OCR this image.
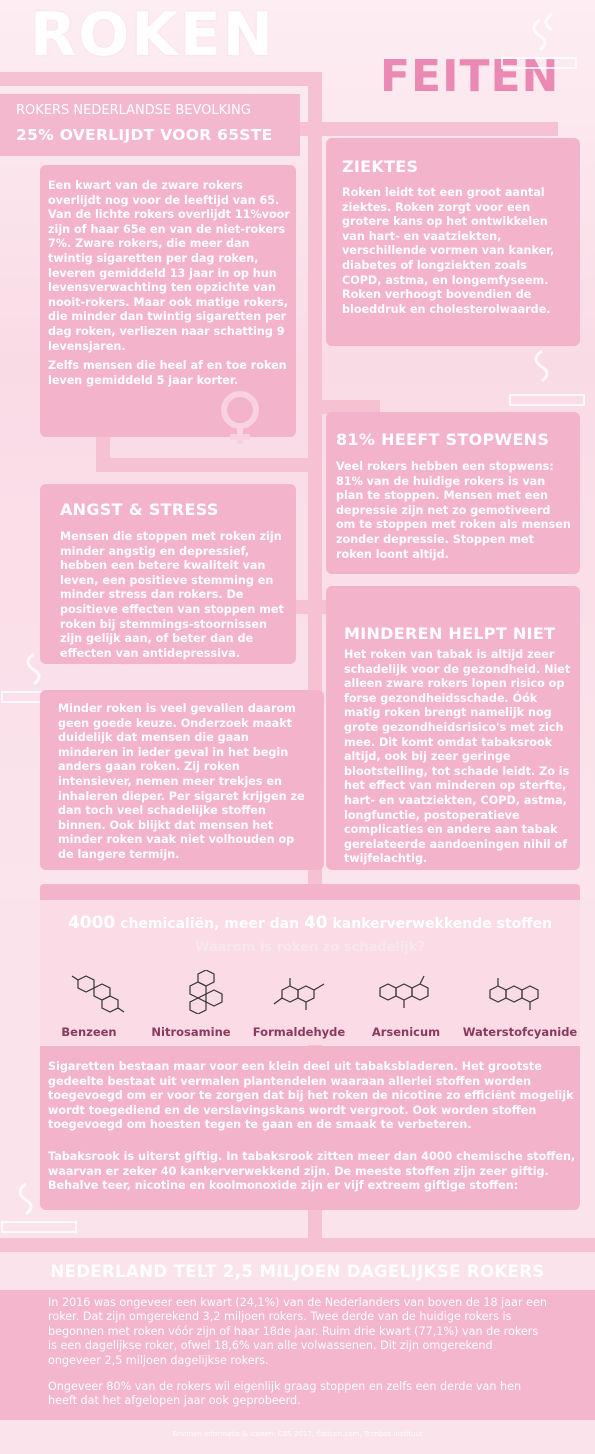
ROKEN
FEITEN
ROKERS NEDERLANDSE BEVOLKING
25% OVERLIJDT VOOR 65STE
Een kwart van de zware rokers overlijdt nog voor de leeftijd van 65. Van de lichte rokers overlijdt 11%voor zijn of haar 65e en van de niet-rokers 7%. Zware rokers, die meer dan twintig sigaretten per dag roken, leveren gemiddeld 13 jaar in op hun levensverwachting ten opzichte van nooit-rokers. Maar ook matige rokers, die minder dan twintig sigaretten per dag roken, verliezen naar schatting 9 levensjaren.
Zelfs mensen die heel af en toe roken leven gemiddeld 5 jaar korter.
ZIEKTES
Roken leidt tot een groot aantal ziektes. Roken zorgt voor een grotere kans op het ontwikkelen van hart- en vaatziekten, verschillende vormen van kanker, diabetes of longziekten zoals COPD, astma, en longemfyseem. Roken verhoogt bovendien de bloeddruk en cholesterolwaarde.
81% HEEFT STOPWENS
Veel rokers hebben een stopwens: 81% van de huidige rokers is van plan te stoppen. Mensen met een depressie zijn net zo gemotiveerd om te stoppen met roken als mensen zonder depressie. Stoppen met roken loont altijd.
ANGST & STRESS
Mensen die stoppen met roken zijn minder angstig en depressief, hebben een betere kwaliteit van leven, een positieve stemming en minder stress dan rokers. De positieve effecten van stoppen met roken bij stemmings-stoornissen zijn gelijk aan, of beter dan de effecten van antidepressiva.
MINDEREN HELPT NIET
Het roken van tabak is altijd zeer schadelijk voor de gezondheid. Niet alleen zware rokers lopen risico op forse gezondheidsschade. Óók matig roken brengt namelijk nog grote gezondheidsrisico's met zich mee. Dit komt omdat tabaksrook altijd, ook bij zeer geringe blootstelling, tot schade leidt. Zo is het effect van minderen op sterfte, hart- en vaatziekten, COPD, astma, longfunctie, postoperatieve complicaties en andere aan tabak gerelateerde aandoeningen nihil of twijfelachtig.
Minder roken is veel gevallen daarom geen goede keuze. Onderzoek maakt duidelijk dat mensen die gaan minderen in ieder geval in het begin anders gaan roken. Zij roken intensiever, nemen meer trekjes en inhaleren dieper. Per sigaret krijgen ze dan toch veel schadelijke stoffen binnen. Ook blijkt dat mensen het minder roken vaak niet volhouden op de langere termijn.
4000 chemicaliën, meer dan 40 kankerverwekkende stoffen
Waarom is roken zo schadelijk?
Benzeen	Nitrosamine	Formaldehyde	Arsenicum	Waterstofcyanide
Sigaretten bestaan maar voor een klein deel uit tabaksbladeren. Het grootste gedeelte bestaat uit vermalen plantendelen waaraan allerlei stoffen worden toegevoegd om er voor te zorgen dat bij het roken de nicotine zo efficiënt mogelijk wordt toegediend en de verslavingskans wordt vergroot. Ook worden stoffen toegevoegd om hoesten tegen te gaan en de smaak te verbeteren.
Tabaksrook is uiterst giftig. In tabaksrook zitten meer dan 4000 chemische stoffen, waarvan er zeker 40 kankerverwekkend zijn. De meeste stoffen zijn zeer giftig. Behalve teer, nicotine en koolmonoxide zijn er vijf extreem giftige stoffen:
NEDERLAND TELT 2,5 MILJOEN DAGELIJKSE ROKERS
In 2016 was ongeveer een kwart (24,1%) van de Nederlanders van boven de 18 jaar een roker. Dat zijn omgerekend 3,2 miljoen rokers. Twee derde van de huidige rokers is begonnen met roken vóór zijn of haar 18de jaar. Ruim drie kwart (77,1%) van de rokers is een dagelijkse roker, ofwel 18,6% van alle volwassenen. Dit zijn omgerekend ongeveer 2,5 miljoen dagelijkse rokers.
Ongeveer 80% van de rokers wil eigenlijk graag stoppen en zelfs een derde van hen heeft dat het afgelopen jaar ook geprobeerd.
Bronnen informatie & iconen: CBS 2017, flaticon.com, Trimbos instituut
